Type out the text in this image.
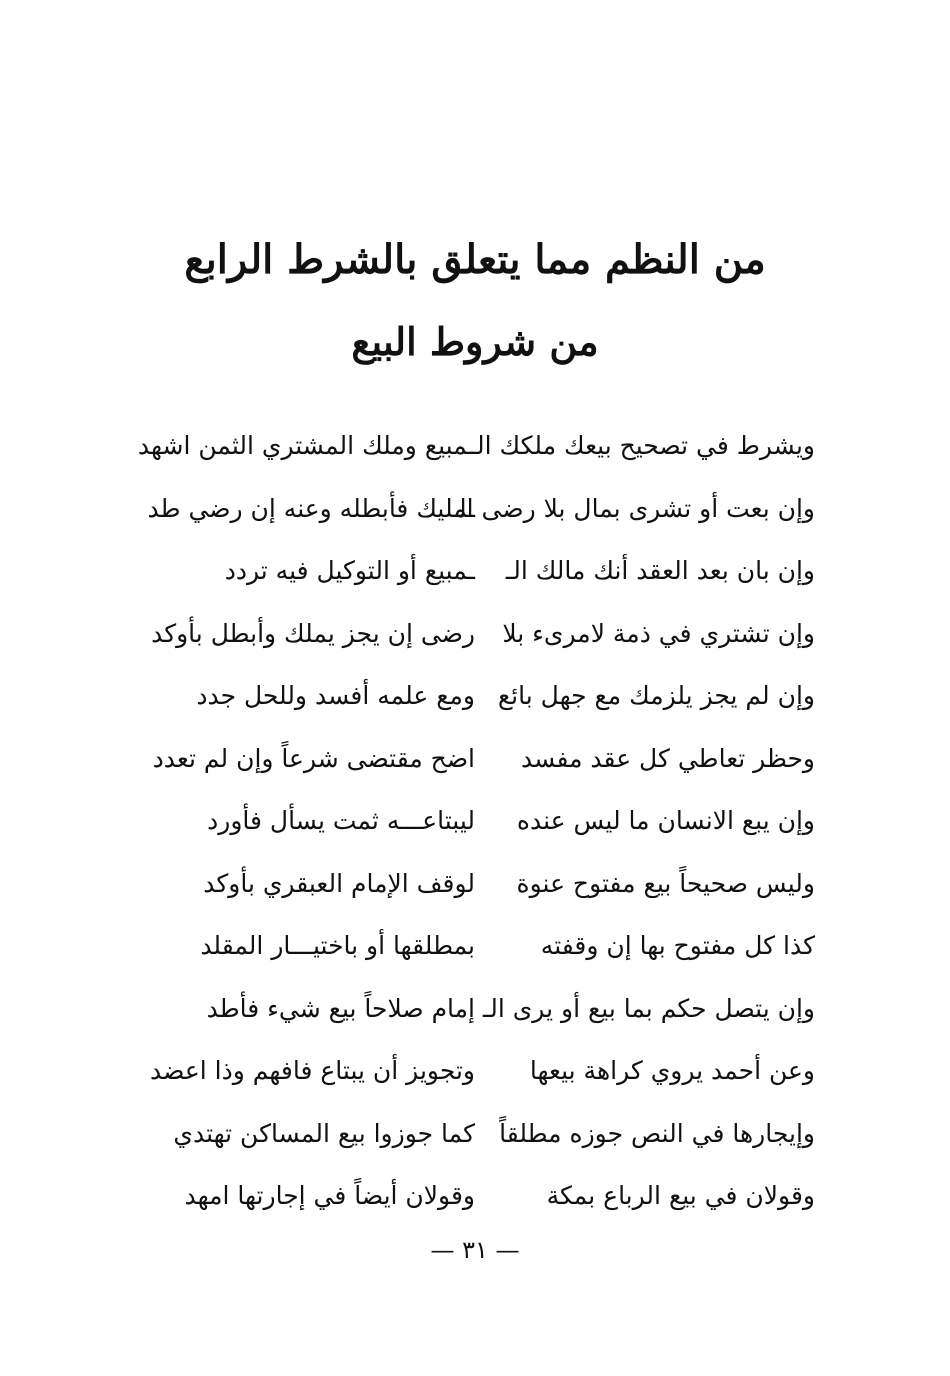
من النظم مما يتعلق بالشرط الرابع
من شروط البيع
ويشرط في تصحيح بيعك ملكك الـ
ـمبيع وملك المشتري الثمن اشهد
وإن بعت أو تشرى بمال بلا رضى الـ
ـمليك فأبطله وعنه إن رضي طد
وإن بان بعد العقد أنك مالك الـ
ـمبيع أو التوكيل فيه تردد
وإن تشتري في ذمة لامرىء بلا
رضى إن يجز يملك وأبطل بأوكد
وإن لم يجز يلزمك مع جهل بائع
ومع علمه أفسد وللحل جدد
وحظر تعاطي كل عقد مفسد
اضح مقتضى شرعاً وإن لم تعدد
وإن يبع الانسان ما ليس عنده
ليبتاعـــه ثمت يسأل فأورد
وليس صحيحاً بيع مفتوح عنوة
لوقف الإمام العبقري بأوكد
كذا كل مفتوح بها إن وقفته
بمطلقها أو باختيـــار المقلد
وإن يتصل حكم بما بيع أو يرى الـ
إمام صلاحاً بيع شيء فأطد
وعن أحمد يروي كراهة بيعها
وتجويز أن يبتاع فافهم وذا اعضد
وإيجارها في النص جوزه مطلقاً
كما جوزوا بيع المساكن تهتدي
وقولان في بيع الرباع بمكة
وقولان أيضاً في إجارتها امهد
— ٣١ —
